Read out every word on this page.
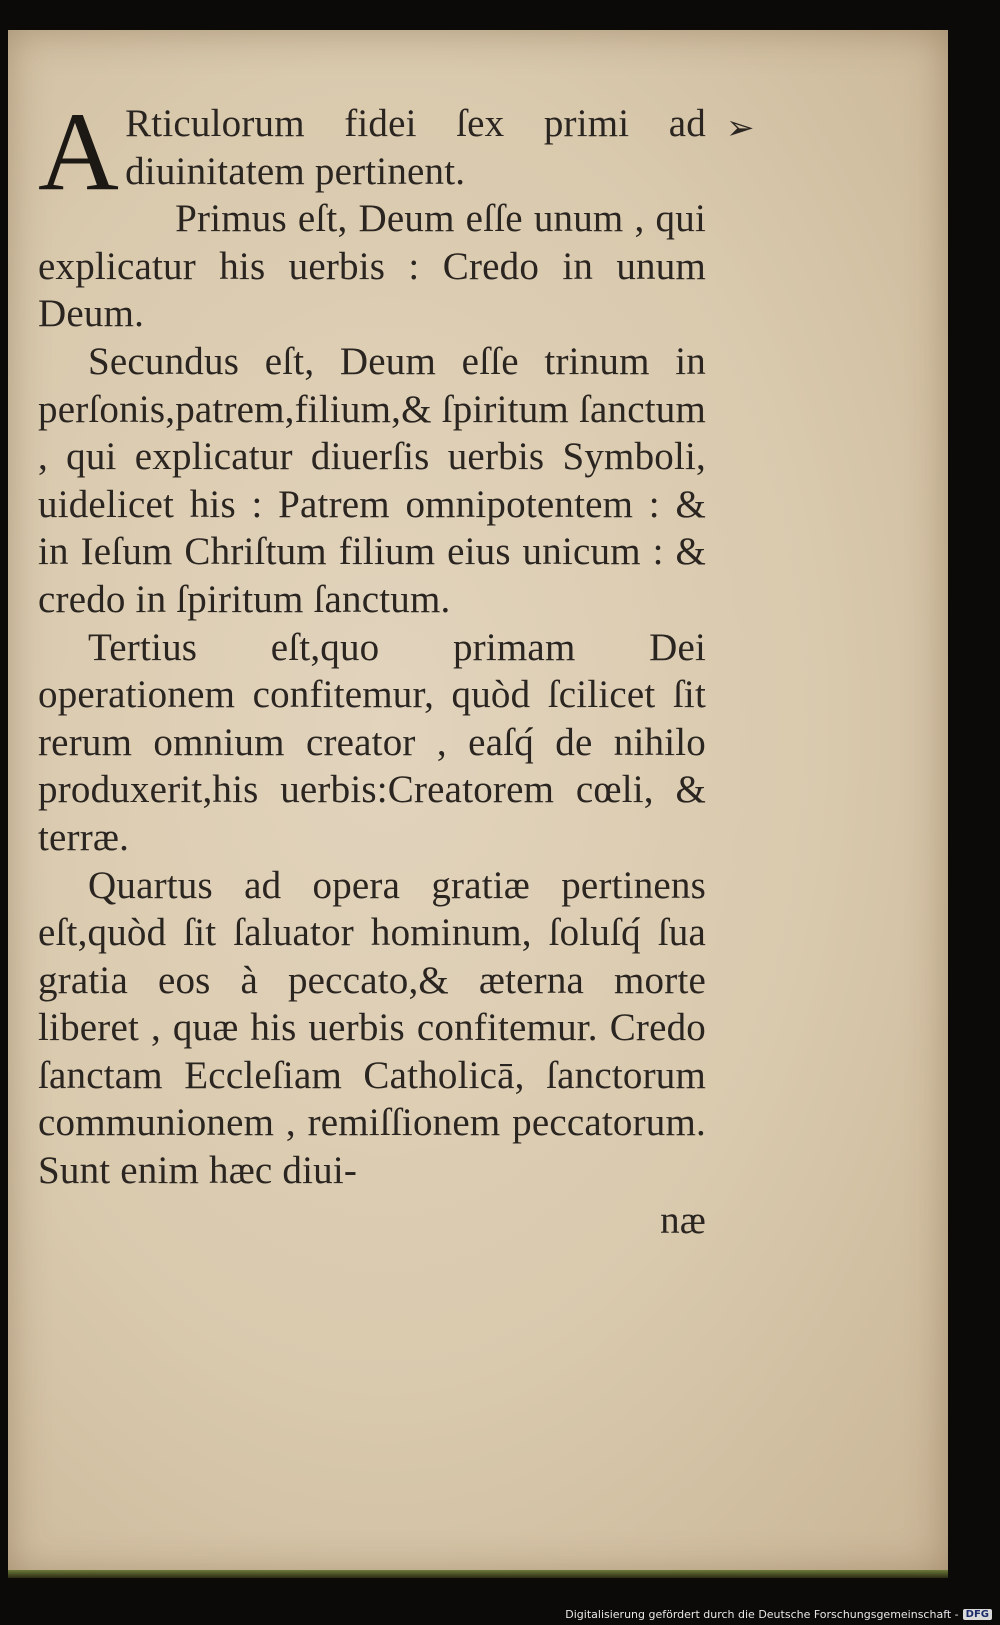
➢

A Rticulorum fidei ſex primi ad diuinitatem pertinent.

Primus eſt, Deum eſſe unum , qui explicatur his uerbis : Credo in unum Deum.

Secundus eſt, Deum eſſe trinum in perſonis,patrem,filium,& ſpiritum ſanctum , qui explicatur diuerſis uerbis Symboli, uidelicet his : Patrem omnipotentem : & in Ieſum Chriſtum filium eius unicum : & credo in ſpiritum ſanctum.

Tertius eſt,quo primam Dei operationem confitemur, quòd ſcilicet ſit rerum omnium creator , eaſq́ de nihilo produxerit,his uerbis:Creatorem cœli, & terræ.

Quartus ad opera gratiæ pertinens eſt,quòd ſit ſaluator hominum, ſoluſq́ ſua gratia eos à peccato,& æterna morte liberet , quæ his uerbis confitemur. Credo ſanctam Eccleſiam Catholicā, ſanctorum communionem , remiſſionem peccatorum. Sunt enim hæc diui-

næ
Digitalisierung gefördert durch die Deutsche Forschungsgemeinschaft - DFG
